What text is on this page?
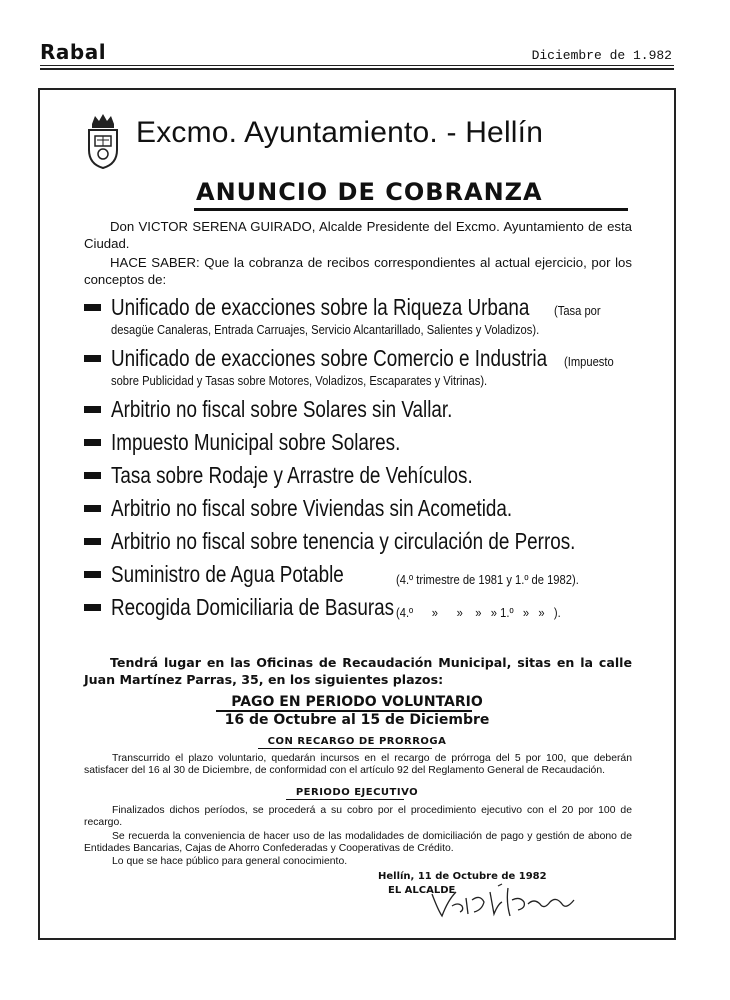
Rabal	Diciembre de 1.982
Excmo. Ayuntamiento. - Hellín
ANUNCIO DE COBRANZA
Don VICTOR SERENA GUIRADO, Alcalde Presidente del Excmo. Ayuntamiento de esta Ciudad.
HACE SABER: Que la cobranza de recibos correspondientes al actual ejercicio, por los conceptos de:
Unificado de exacciones sobre la Riqueza Urbana (Tasa por
desagüe Canaleras, Entrada Carruajes, Servicio Alcantarillado, Salientes y Voladizos).
Unificado de exacciones sobre Comercio e Industria (Impuesto
sobre Publicidad y Tasas sobre Motores, Voladizos, Escaparates y Vitrinas).
Arbitrio no fiscal sobre Solares sin Vallar.
Impuesto Municipal sobre Solares.
Tasa sobre Rodaje y Arrastre de Vehículos.
Arbitrio no fiscal sobre Viviendas sin Acometida.
Arbitrio no fiscal sobre tenencia y circulación de Perros.
Suministro de Agua Potable	(4.º trimestre de 1981 y 1.º de 1982).
Recogida Domiciliaria de Basuras (4.º      »      »    »   » 1.º   »   »   ).
Tendrá lugar en las Oficinas de Recaudación Municipal, sitas en la calle Juan Martínez Parras, 35, en los siguientes plazos:
PAGO EN PERIODO VOLUNTARIO
16 de Octubre al 15 de Diciembre
CON RECARGO DE PRORROGA
Transcurrido el plazo voluntario, quedarán incursos en el recargo de prórroga del 5 por 100, que deberán satisfacer del 16 al 30 de Diciembre, de conformidad con el artículo 92 del Reglamento General de Recaudación.
PERIODO EJECUTIVO
Finalizados dichos períodos, se procederá a su cobro por el procedimiento ejecutivo con el 20 por 100 de recargo.
Se recuerda la conveniencia de hacer uso de las modalidades de domiciliación de pago y gestión de abono de Entidades Bancarias, Cajas de Ahorro Confederadas y Cooperativas de Crédito.
Lo que se hace público para general conocimiento.
Hellín, 11 de Octubre de 1982
EL ALCALDE
